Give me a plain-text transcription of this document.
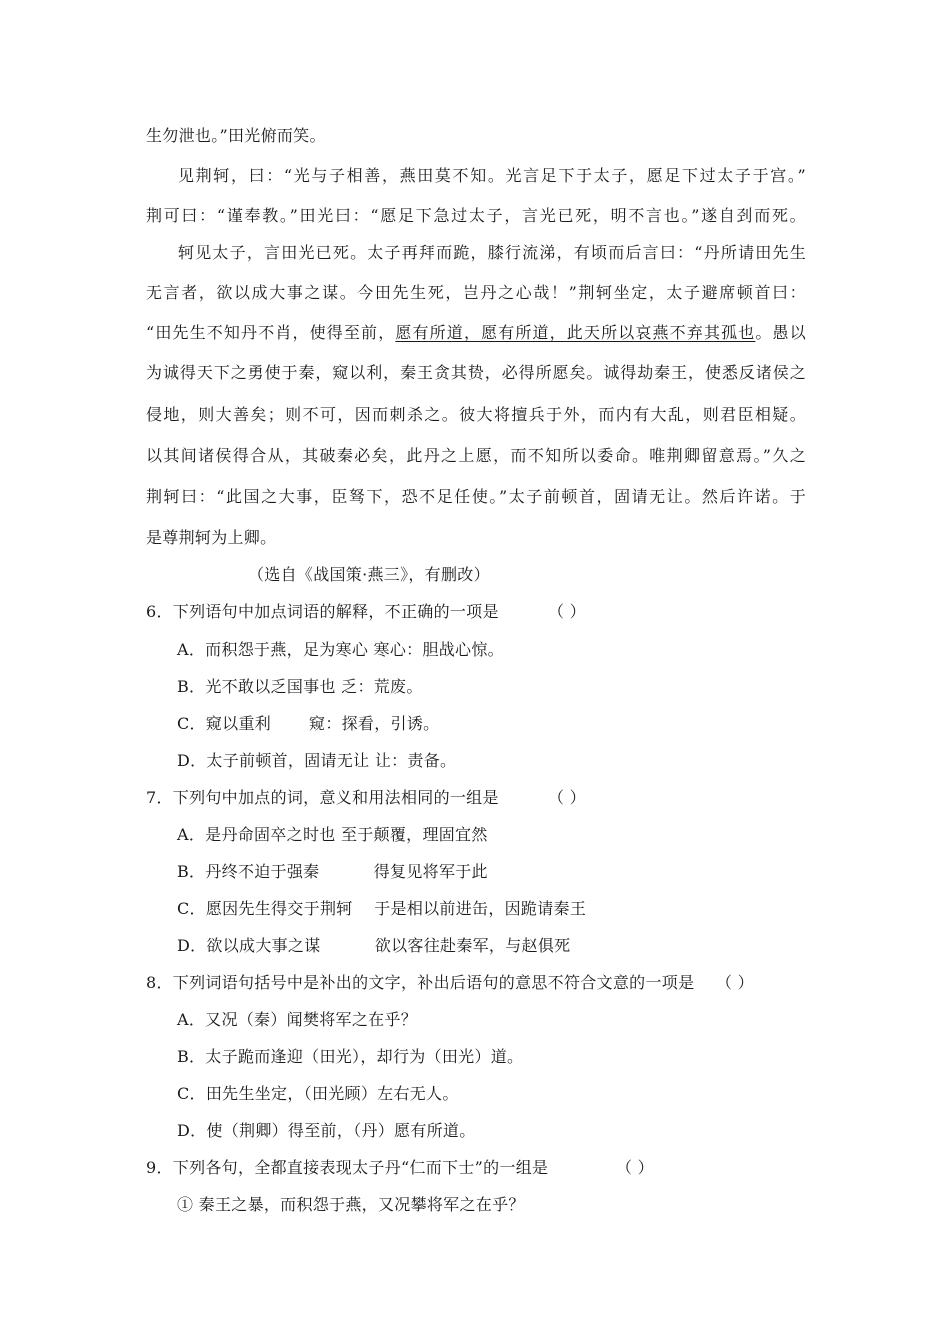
生勿泄也。”田光俯而笑。
见荆轲，曰：“光与子相善，燕田莫不知。光言足下于太子，愿足下过太子于宫。”
荆可曰：“谨奉教。”田光曰：“愿足下急过太子，言光已死，明不言也。”遂自刭而死。
轲见太子，言田光已死。太子再拜而跪，膝行流涕，有顷而后言曰：“丹所请田先生
无言者，欲以成大事之谋。今田先生死，岂丹之心哉！”荆轲坐定，太子避席顿首曰：
“田先生不知丹不肖，使得至前，愿有所道，愿有所道，此天所以哀燕不弃其孤也。愚以
为诚得天下之勇使于秦，窥以利，秦王贪其贽，必得所愿矣。诚得劫秦王，使悉反诸侯之
侵地，则大善矣；则不可，因而刺杀之。彼大将擅兵于外，而内有大乱，则君臣相疑。
以其间诸侯得合从，其破秦必矣，此丹之上愿，而不知所以委命。唯荆卿留意焉。”久之
荆轲曰：“此国之大事，臣驽下，恐不足任使。”太子前顿首，固请无让。然后许诺。于
是尊荆轲为上卿。
（选自《战国策·燕三》，有删改）
6．下列语句中加点词语的解释，不正确的一项是	（ ）
A．而积怨于燕，足为寒心 寒心：胆战心惊。
B．光不敢以乏国事也 乏：荒废。
C．窥以重利　　 窥：探看，引诱。
D．太子前顿首，固请无让 让：责备。
7．下列句中加点的词，意义和用法相同的一组是	（ ）
A．是丹命固卒之时也 至于颠覆，理固宜然
B．丹终不迫于强秦　　　 得复见将军于此
C．愿因先生得交于荆轲　 于是相以前进缶，因跪请秦王
D．欲以成大事之谋　　　 欲以客往赴秦军，与赵俱死
8．下列词语句括号中是补出的文字，补出后语句的意思不符合文意的一项是 （ ）
A．又况（秦）闻樊将军之在乎？
B．太子跪而逢迎（田光），却行为（田光）道。
C．田先生坐定，（田光顾）左右无人。
D．使（荆卿）得至前，（丹）愿有所道。
9．下列各句，全都直接表现太子丹“仁而下士”的一组是	（ ）
① 秦王之暴，而积怨于燕，又况攀将军之在乎？
